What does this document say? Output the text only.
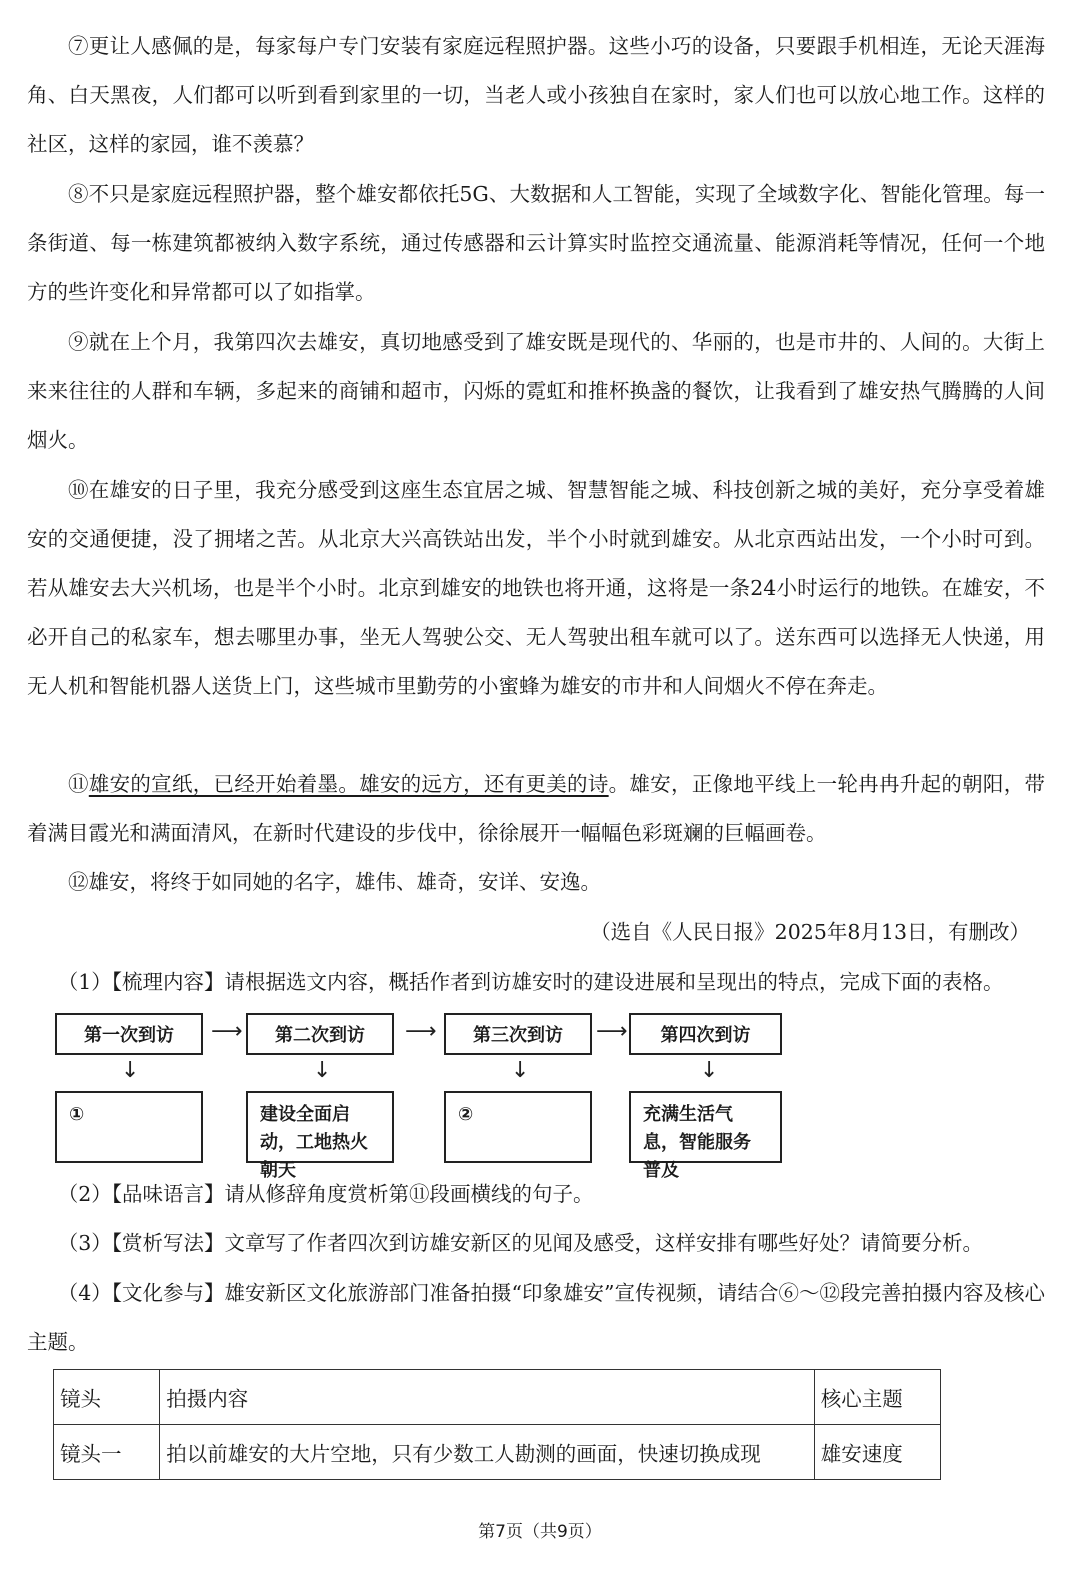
⑦更让人感佩的是，每家每户专门安装有家庭远程照护器。这些小巧的设备，只要跟手机相连，无论天涯海角、白天黑夜，人们都可以听到看到家里的一切，当老人或小孩独自在家时，家人们也可以放心地工作。这样的社区，这样的家园，谁不羡慕？

⑧不只是家庭远程照护器，整个雄安都依托5G、大数据和人工智能，实现了全域数字化、智能化管理。每一条街道、每一栋建筑都被纳入数字系统，通过传感器和云计算实时监控交通流量、能源消耗等情况，任何一个地方的些许变化和异常都可以了如指掌。

⑨就在上个月，我第四次去雄安，真切地感受到了雄安既是现代的、华丽的，也是市井的、人间的。大街上来来往往的人群和车辆，多起来的商铺和超市，闪烁的霓虹和推杯换盏的餐饮，让我看到了雄安热气腾腾的人间烟火。

⑩在雄安的日子里，我充分感受到这座生态宜居之城、智慧智能之城、科技创新之城的美好，充分享受着雄安的交通便捷，没了拥堵之苦。从北京大兴高铁站出发，半个小时就到雄安。从北京西站出发，一个小时可到。若从雄安去大兴机场，也是半个小时。北京到雄安的地铁也将开通，这将是一条24小时运行的地铁。在雄安，不必开自己的私家车，想去哪里办事，坐无人驾驶公交、无人驾驶出租车就可以了。送东西可以选择无人快递，用无人机和智能机器人送货上门，这些城市里勤劳的小蜜蜂为雄安的市井和人间烟火不停在奔走。

⑪雄安的宣纸，已经开始着墨。雄安的远方，还有更美的诗。雄安，正像地平线上一轮冉冉升起的朝阳，带着满目霞光和满面清风，在新时代建设的步伐中，徐徐展开一幅幅色彩斑斓的巨幅画卷。

⑫雄安，将终于如同她的名字，雄伟、雄奇，安详、安逸。

（选自《人民日报》2025年8月13日，有删改）

（1）【梳理内容】请根据选文内容，概括作者到访雄安时的建设进展和呈现出的特点，完成下面的表格。

第一次到访	第二次到访	第三次到访	第四次到访
⟶	⟶	⟶
↓	↓	↓	↓
①	建设全面启动，工地热火朝天
②	充满生活气息，智能服务普及

（2）【品味语言】请从修辞角度赏析第⑪段画横线的句子。

（3）【赏析写法】文章写了作者四次到访雄安新区的见闻及感受，这样安排有哪些好处？请简要分析。

（4）【文化参与】雄安新区文化旅游部门准备拍摄“印象雄安”宣传视频，请结合⑥～⑫段完善拍摄内容及核心主题。

镜头	拍摄内容	核心主题
镜头一	拍以前雄安的大片空地，只有少数工人勘测的画面，快速切换成现	雄安速度
第7页（共9页）
